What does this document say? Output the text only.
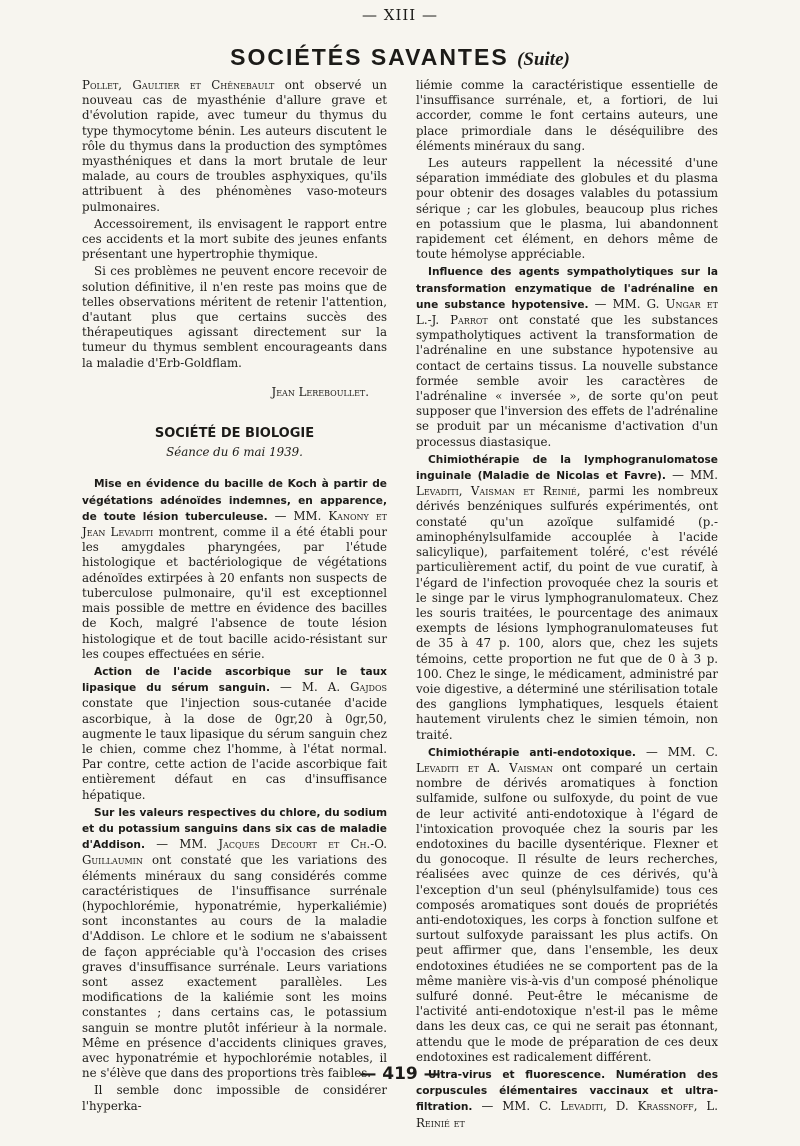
— XIII —
SOCIÉTÉS SAVANTES (Suite)

Pollet, Gaultier et Chênebault ont observé un nouveau cas de myasthénie d'allure grave et d'évolution rapide, avec tumeur du thymus du type thymocytome bénin. Les auteurs discutent le rôle du thymus dans la production des symptômes myasthéniques et dans la mort brutale de leur malade, au cours de troubles asphyxiques, qu'ils attribuent à des phénomènes vaso-moteurs pulmonaires.

Accessoirement, ils envisagent le rapport entre ces accidents et la mort subite des jeunes enfants présentant une hypertrophie thymique.

Si ces problèmes ne peuvent encore recevoir de solution définitive, il n'en reste pas moins que de telles observations méritent de retenir l'attention, d'autant plus que certains succès des thérapeutiques agissant directement sur la tumeur du thymus semblent encourageants dans la maladie d'Erb-Goldflam.

Jean Lereboullet.
SOCIÉTÉ DE BIOLOGIE
Séance du 6 mai 1939.

Mise en évidence du bacille de Koch à partir de végétations adénoïdes indemnes, en apparence, de toute lésion tuberculeuse. — MM. Kanony et Jean Levaditi montrent, comme il a été établi pour les amygdales pharyngées, par l'étude histologique et bactériologique de végétations adénoïdes extirpées à 20 enfants non suspects de tuberculose pulmonaire, qu'il est exceptionnel mais possible de mettre en évidence des bacilles de Koch, malgré l'absence de toute lésion histologique et de tout bacille acido-résistant sur les coupes effectuées en série.

Action de l'acide ascorbique sur le taux lipasique du sérum sanguin. — M. A. Gajdos constate que l'injection sous-cutanée d'acide ascorbique, à la dose de 0gr,20 à 0gr,50, augmente le taux lipasique du sérum sanguin chez le chien, comme chez l'homme, à l'état normal. Par contre, cette action de l'acide ascorbique fait entièrement défaut en cas d'insuffisance hépatique.

Sur les valeurs respectives du chlore, du sodium et du potassium sanguins dans six cas de maladie d'Addison. — MM. Jacques Decourt et Ch.-O. Guillaumin ont constaté que les variations des éléments minéraux du sang considérés comme caractéristiques de l'insuffisance surrénale (hypochlorémie, hyponatrémie, hyperkaliémie) sont inconstantes au cours de la maladie d'Addison. Le chlore et le sodium ne s'abaissent de façon appréciable qu'à l'occasion des crises graves d'insuffisance surrénale. Leurs variations sont assez exactement parallèles. Les modifications de la kaliémie sont les moins constantes ; dans certains cas, le potassium sanguin se montre plutôt inférieur à la normale. Même en présence d'accidents cliniques graves, avec hyponatrémie et hypochlorémie notables, il ne s'élève que dans des proportions très faibles.

Il semble donc impossible de considérer l'hyperka-

liémie comme la caractéristique essentielle de l'insuffisance surrénale, et, a fortiori, de lui accorder, comme le font certains auteurs, une place primordiale dans le déséquilibre des éléments minéraux du sang.

Les auteurs rappellent la nécessité d'une séparation immédiate des globules et du plasma pour obtenir des dosages valables du potassium sérique ; car les globules, beaucoup plus riches en potassium que le plasma, lui abandonnent rapidement cet élément, en dehors même de toute hémolyse appréciable.

Influence des agents sympatholytiques sur la transformation enzymatique de l'adrénaline en une substance hypotensive. — MM. G. Ungar et L.-J. Parrot ont constaté que les substances sympatholytiques activent la transformation de l'adrénaline en une substance hypotensive au contact de certains tissus. La nouvelle substance formée semble avoir les caractères de l'adrénaline « inversée », de sorte qu'on peut supposer que l'inversion des effets de l'adrénaline se produit par un mécanisme d'activation d'un processus diastasique.

Chimiothérapie de la lymphogranulomatose inguinale (Maladie de Nicolas et Favre). — MM. Levaditi, Vaisman et Reinié, parmi les nombreux dérivés benzéniques sulfurés expérimentés, ont constaté qu'un azoïque sulfamidé (p.-aminophénylsulfamide accouplée à l'acide salicylique), parfaitement toléré, c'est révélé particulièrement actif, du point de vue curatif, à l'égard de l'infection provoquée chez la souris et le singe par le virus lymphogranulomateux. Chez les souris traitées, le pourcentage des animaux exempts de lésions lymphogranulomateuses fut de 35 à 47 p. 100, alors que, chez les sujets témoins, cette proportion ne fut que de 0 à 3 p. 100. Chez le singe, le médicament, administré par voie digestive, a déterminé une stérilisation totale des ganglions lymphatiques, lesquels étaient hautement virulents chez le simien témoin, non traité.

Chimiothérapie anti-endotoxique. — MM. C. Levaditi et A. Vaisman ont comparé un certain nombre de dérivés aromatiques à fonction sulfamide, sulfone ou sulfoxyde, du point de vue de leur activité anti-endotoxique à l'égard de l'intoxication provoquée chez la souris par les endotoxines du bacille dysentérique. Flexner et du gonocoque. Il résulte de leurs recherches, réalisées avec quinze de ces dérivés, qu'à l'exception d'un seul (phénylsulfamide) tous ces composés aromatiques sont doués de propriétés anti-endotoxiques, les corps à fonction sulfone et surtout sulfoxyde paraissant les plus actifs. On peut affirmer que, dans l'ensemble, les deux endotoxines étudiées ne se comportent pas de la même manière vis-à-vis d'un composé phénolique sulfuré donné. Peut-être le mécanisme de l'activité anti-endotoxique n'est-il pas le même dans les deux cas, ce qui ne serait pas étonnant, attendu que le mode de préparation de ces deux endotoxines est radicalement différent.

Ultra-virus et fluorescence. Numération des corpuscules élémentaires vaccinaux et ultra-filtration. — MM. C. Levaditi, D. Krassnoff, L. Reinié et

— 419 —
